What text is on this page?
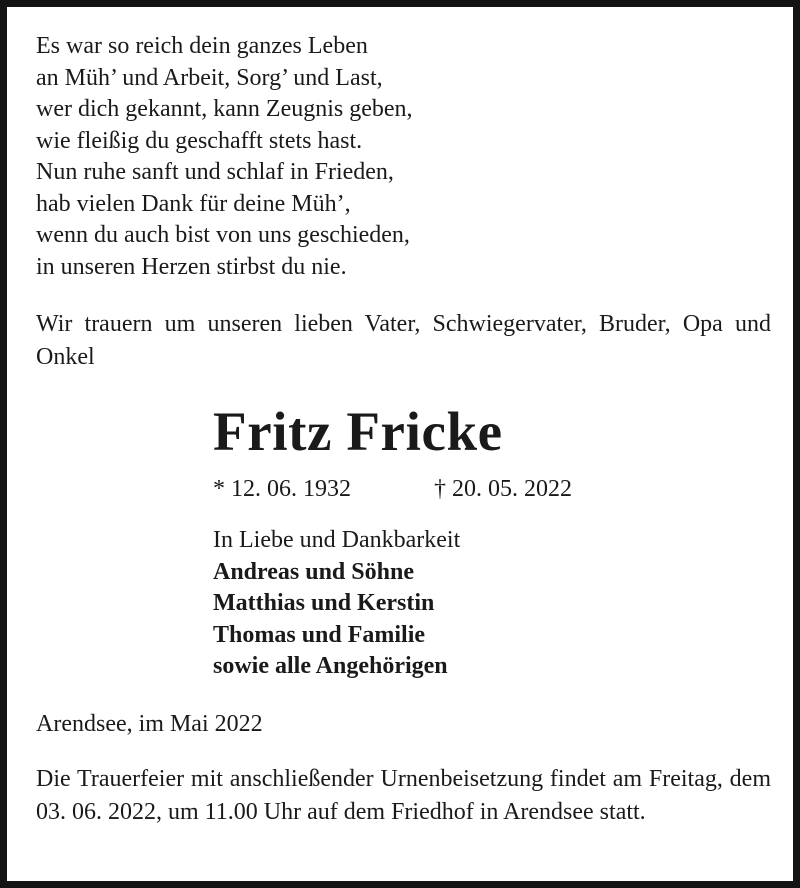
Es war so reich dein ganzes Leben
an Müh’ und Arbeit, Sorg’ und Last,
wer dich gekannt, kann Zeugnis geben,
wie fleißig du geschafft stets hast.
Nun ruhe sanft und schlaf in Frieden,
hab vielen Dank für deine Müh’,
wenn du auch bist von uns geschieden,
in unseren Herzen stirbst du nie.
Wir trauern um unseren lieben Vater, Schwiegervater, Bruder, Opa und Onkel
Fritz Fricke
* 12. 06. 1932	† 20. 05. 2022
In Liebe und Dankbarkeit
Andreas und Söhne
Matthias und Kerstin
Thomas und Familie
sowie alle Angehörigen
Arendsee, im Mai 2022
Die Trauerfeier mit anschließender Urnenbeisetzung findet am Freitag, dem 03. 06. 2022, um 11.00 Uhr auf dem Friedhof in Arendsee statt.
